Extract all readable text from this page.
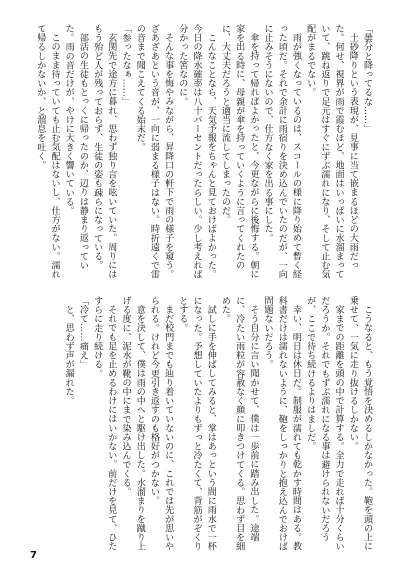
「曇分と降ってるな……」

土砂降りという表現が、見事に当て嵌まるほどの大雨だった。何せ、視界が雨で霞むほど、地面はいっぱいに水溜まっていて、跳ね返りで足元はすぐにずぶ濡れになり、そして止む気配がまるでない。

雨が強くなっているのは、スコールの様に降り始めて暫く経った頃だ。それで余計に雨宿りを決め込んでいたのだが、一向に止みそうにないので、仕方なく家を出る事にした。

傘を持って帰ればよかったと、今更ながらに後悔する。朝に家を出る時に、母親が傘を持っていくように言ってくれたのに、大丈夫だろうと適当に流してしまったのだ。

こんなことなら、天気予報をちゃんと見ておけばよかった。今日の降水確率は八十パーセントだったらしい。少し考えれば分かった筈なのに。

そんな事を悔やみながら、昇降口の軒下で雨の様子を窺う。ざあざあという音が、一向に弱まる様子はない。時折遠くで雷の音まで聞こえてくる始末だ。

「参ったなぁ……」

玄関先で途方に暮れ、思わず独り言を呟いていた。周りにはもう殆ど人が残っておらず、生徒の姿も疎らになっている。

部活の生徒もとっくに帰ったのか、辺りは静まり返っていた。雨の音だけが、やけに大きく響いている。

このまま待っていても止む気配はないし、仕方がない。濡れて帰るしかないか、と溜息を吐く。

こうなると、もう覚悟を決めるしかなかった。鞄を頭の上に乗せて、一気に走り抜けるしかない。

家までの距離を頭の中で計算する。全力で走れば十分くらいだろうか。それでもずぶ濡れになる事は避けられないだろうが、ここで待ち続けるよりはましだ。

幸い、明日は休日だ。制服が濡れても乾かす時間はある。教科書だけは濡れないように、鞄をしっかりと抱え込んでおけば問題ないだろう。

そう自分に言い聞かせて、僕は一歩前に踏み出した。途端に、冷たい雨粒が容赦なく顔に叩きつけてくる。思わず目を細めた。

試しに手を伸ばしてみると、掌はあっという間に雨水で一杯になった。予想していたよりもずっと冷たくて、背筋がぞくりとする。

まだ校門までも辿り着いていないのに、これでは先が思いやられる。けれど今更引き返すのも格好がつかない。

意を決して、僕は雨の中へと駆け出した。水溜まりを蹴り上げる度に、泥水が靴の中にまで染み込んでくる。

それでも足を止めるわけにはいかない。前だけを見て、ひたすらに走り続ける。

「冷て……痛え」

と、思わず声が漏れた。

7
